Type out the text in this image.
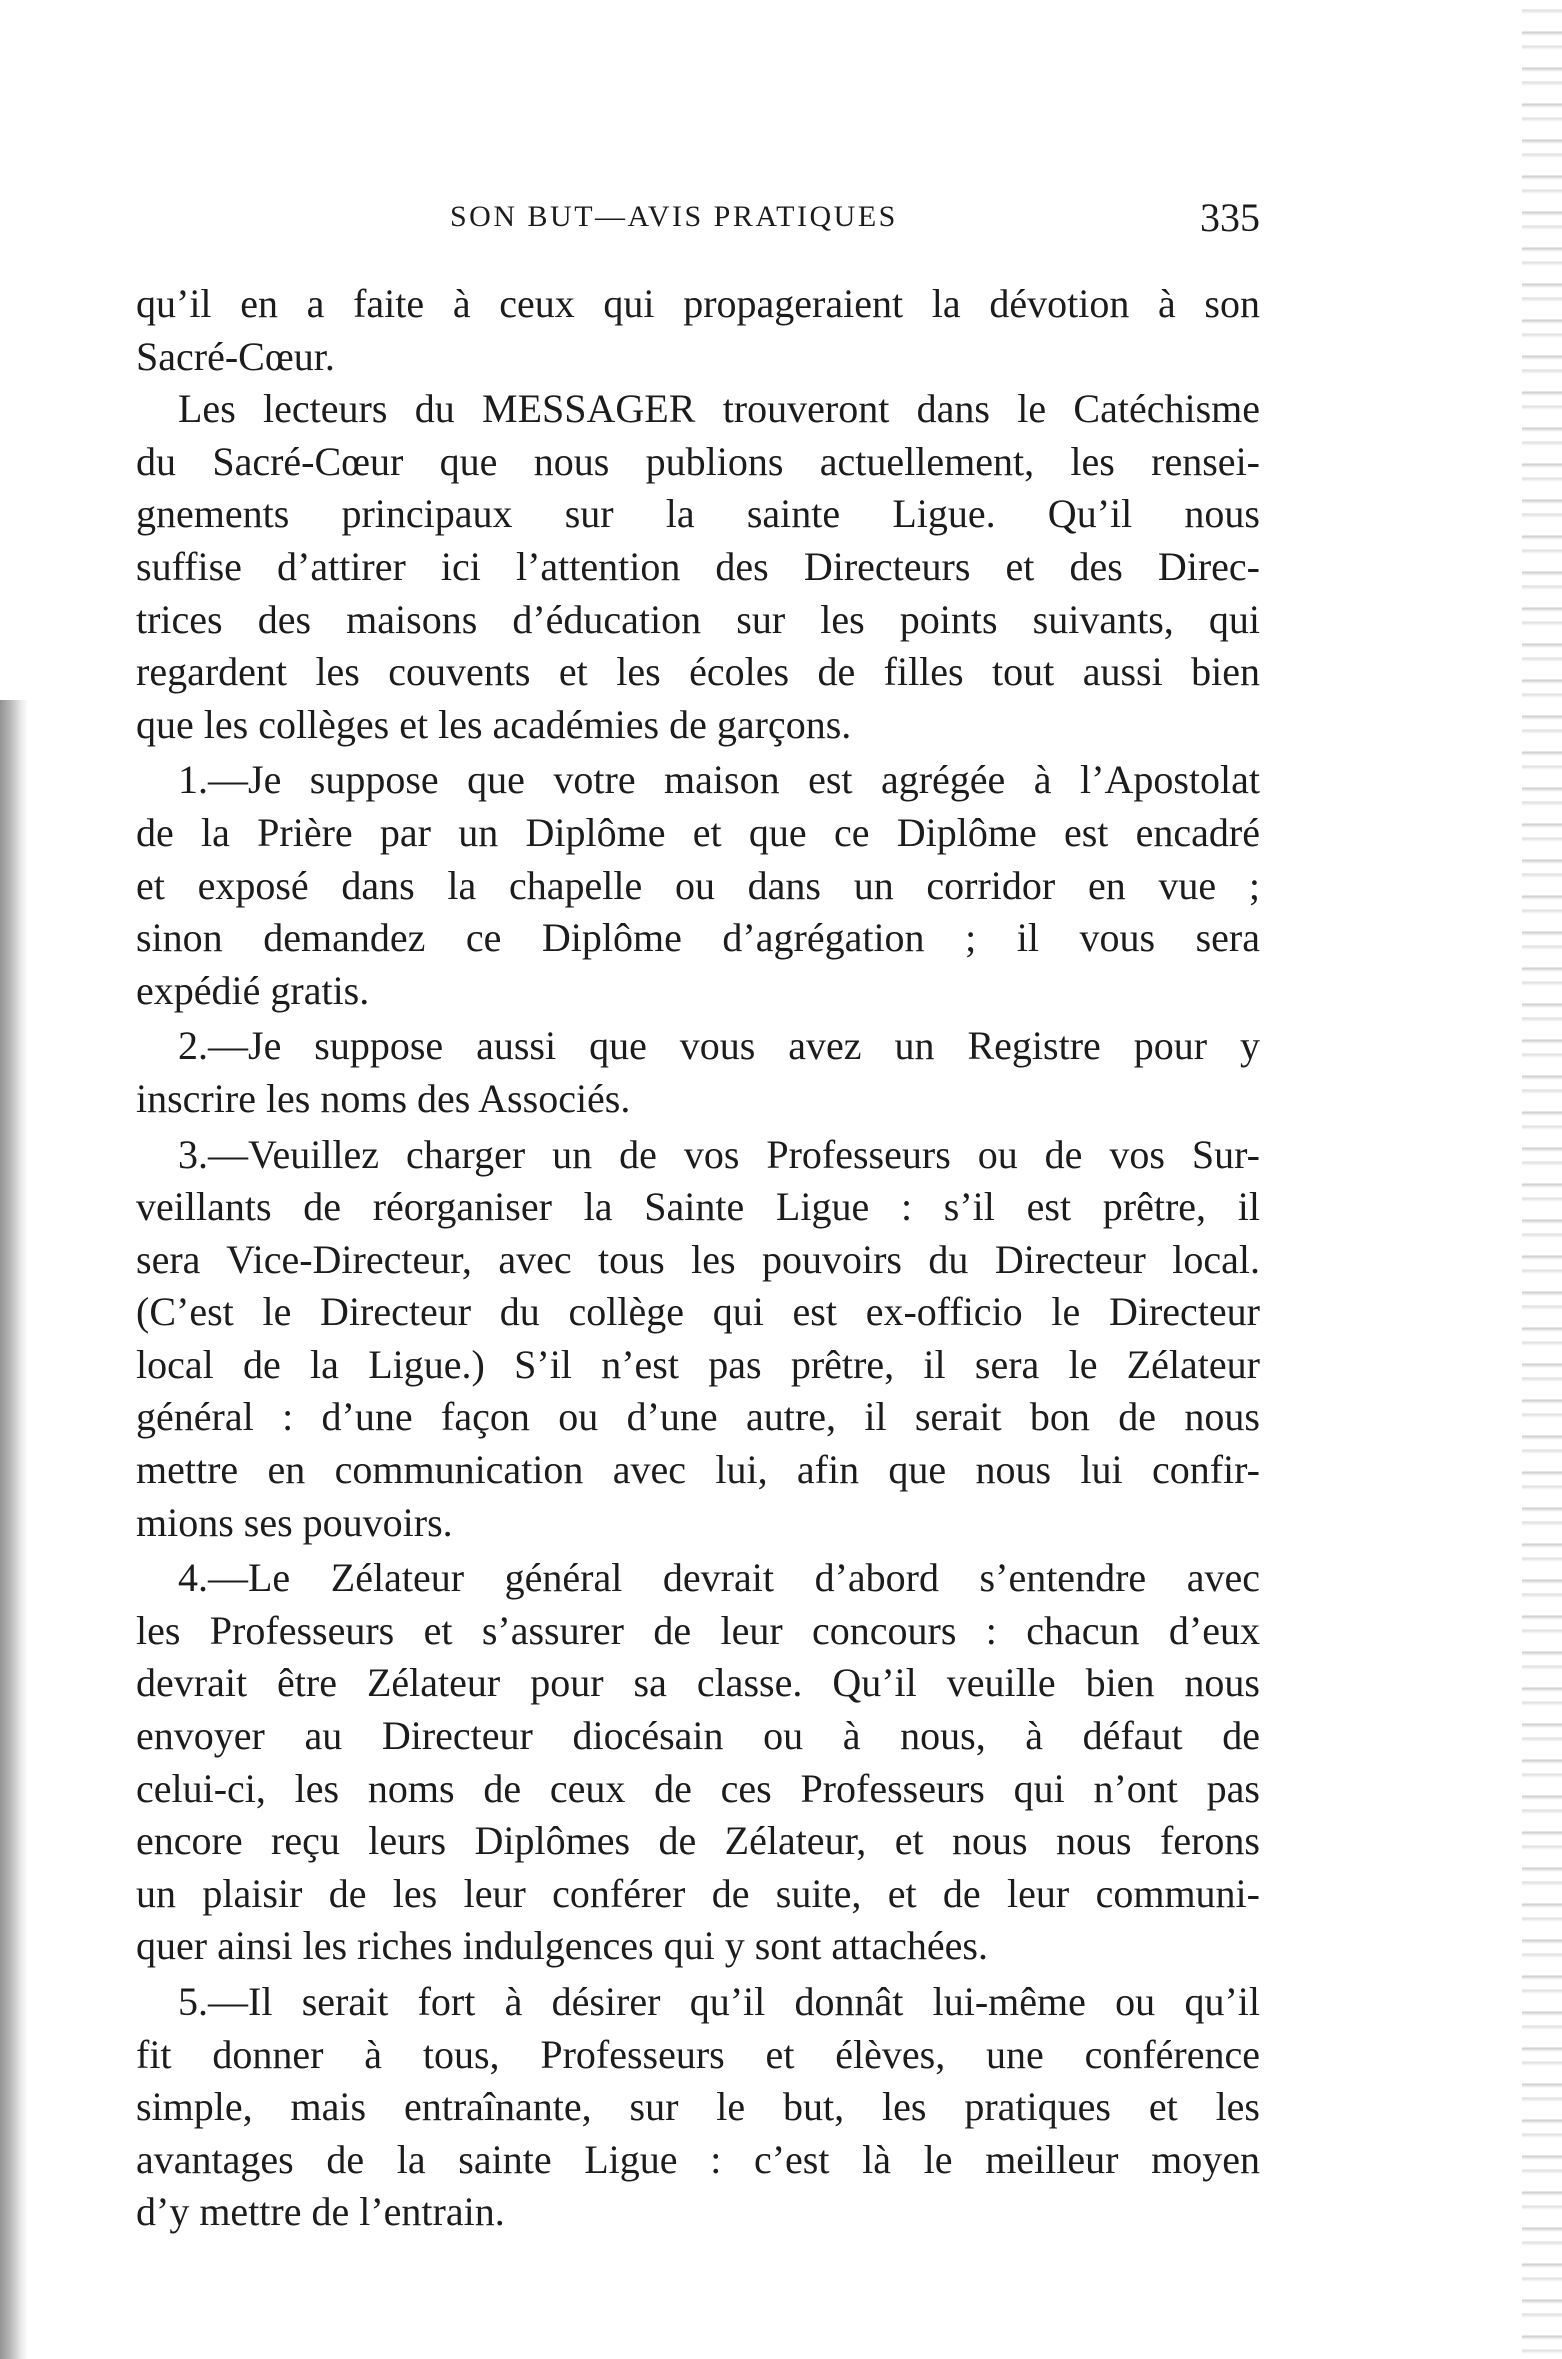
SON BUT—AVIS PRATIQUES	335
qu’il en a faite à ceux qui propageraient la dévotion à son
Sacré-Cœur.
Les lecteurs du MESSAGER trouveront dans le Catéchisme
du Sacré-Cœur que nous publions actuellement, les rensei-
gnements principaux sur la sainte Ligue. Qu’il nous
suffise d’attirer ici l’attention des Directeurs et des Direc-
trices des maisons d’éducation sur les points suivants, qui
regardent les couvents et les écoles de filles tout aussi bien
que les collèges et les académies de garçons.
1.—Je suppose que votre maison est agrégée à l’Apostolat
de la Prière par un Diplôme et que ce Diplôme est encadré
et exposé dans la chapelle ou dans un corridor en vue ;
sinon demandez ce Diplôme d’agrégation ; il vous sera
expédié gratis.
2.—Je suppose aussi que vous avez un Registre pour y
inscrire les noms des Associés.
3.—Veuillez charger un de vos Professeurs ou de vos Sur-
veillants de réorganiser la Sainte Ligue : s’il est prêtre, il
sera Vice-Directeur, avec tous les pouvoirs du Directeur local.
(C’est le Directeur du collège qui est ex-officio le Directeur
local de la Ligue.) S’il n’est pas prêtre, il sera le Zélateur
général : d’une façon ou d’une autre, il serait bon de nous
mettre en communication avec lui, afin que nous lui confir-
mions ses pouvoirs.
4.—Le Zélateur général devrait d’abord s’entendre avec
les Professeurs et s’assurer de leur concours : chacun d’eux
devrait être Zélateur pour sa classe. Qu’il veuille bien nous
envoyer au Directeur diocésain ou à nous, à défaut de
celui-ci, les noms de ceux de ces Professeurs qui n’ont pas
encore reçu leurs Diplômes de Zélateur, et nous nous ferons
un plaisir de les leur conférer de suite, et de leur communi-
quer ainsi les riches indulgences qui y sont attachées.
5.—Il serait fort à désirer qu’il donnât lui-même ou qu’il
fit donner à tous, Professeurs et élèves, une conférence
simple, mais entraînante, sur le but, les pratiques et les
avantages de la sainte Ligue : c’est là le meilleur moyen
d’y mettre de l’entrain.
